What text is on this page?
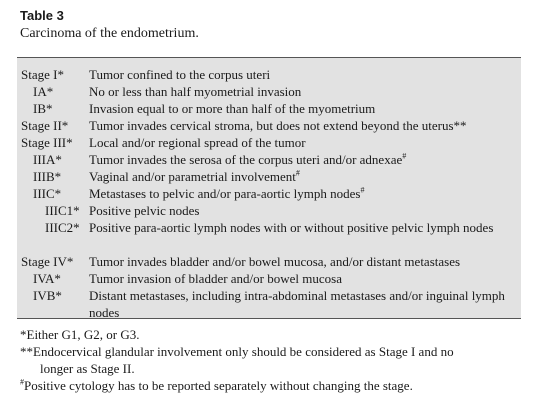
Table 3
Carcinoma of the endometrium.
Stage I* Tumor confined to the corpus uteri
IA*	No or less than half myometrial invasion
IB*	Invasion equal to or more than half of the myometrium
Stage II* Tumor invades cervical stroma, but does not extend beyond the uterus**
Stage III* Local and/or regional spread of the tumor
IIIA* Tumor invades the serosa of the corpus uteri and/or adnexae#
IIIB* Vaginal and/or parametrial involvement#
IIIC* Metastases to pelvic and/or para-aortic lymph nodes#
IIIC1* Positive pelvic nodes
IIIC2* Positive para-aortic lymph nodes with or without positive pelvic lymph nodes
Stage IV* Tumor invades bladder and/or bowel mucosa, and/or distant metastases
IVA* Tumor invasion of bladder and/or bowel mucosa
IVB* Distant metastases, including intra-abdominal metastases and/or inguinal lymph nodes

*Either G1, G2, or G3.

**Endocervical glandular involvement only should be considered as Stage I and no
longer as Stage II.

#Positive cytology has to be reported separately without changing the stage.
